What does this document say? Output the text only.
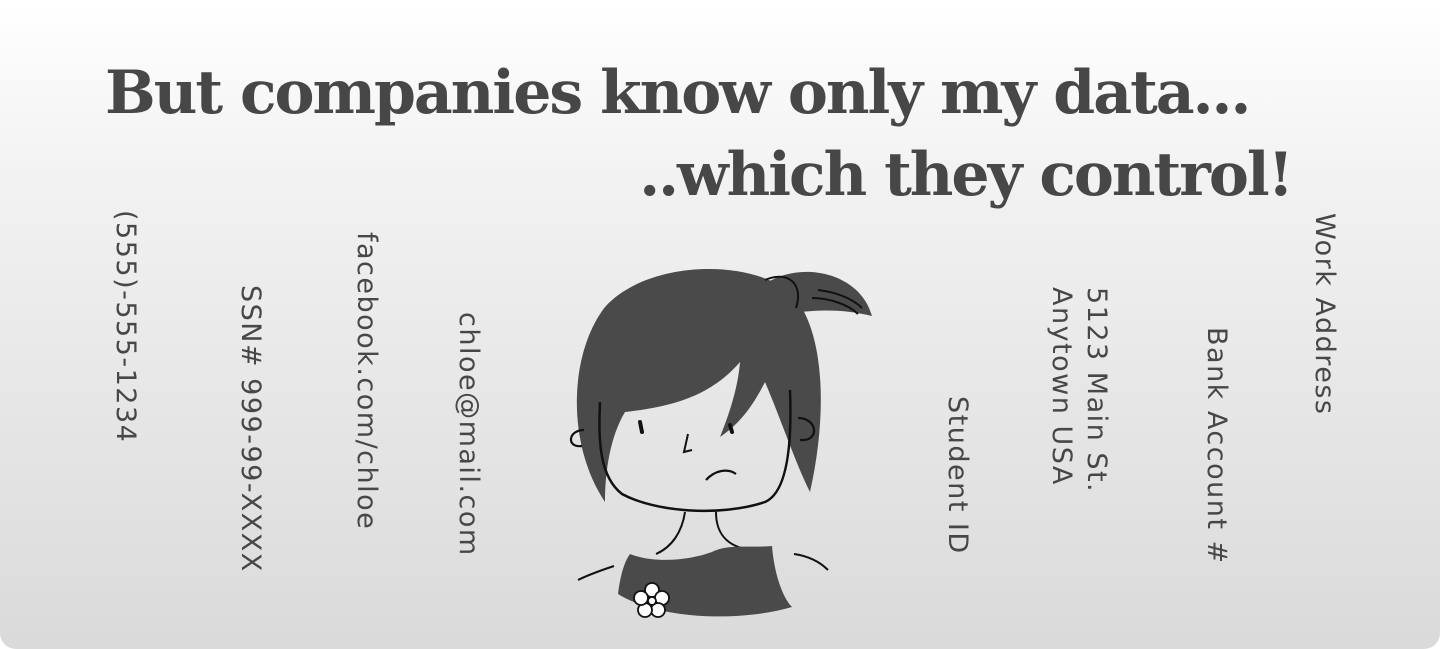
But companies know only my data...
..which they control!
(555)-555-1234	SSN# 999-99-XXXX	facebook.com/chloe	chloe@mail.com	Student ID	5123 Main St.
Anytown USA	Bank Account #
Work Address
